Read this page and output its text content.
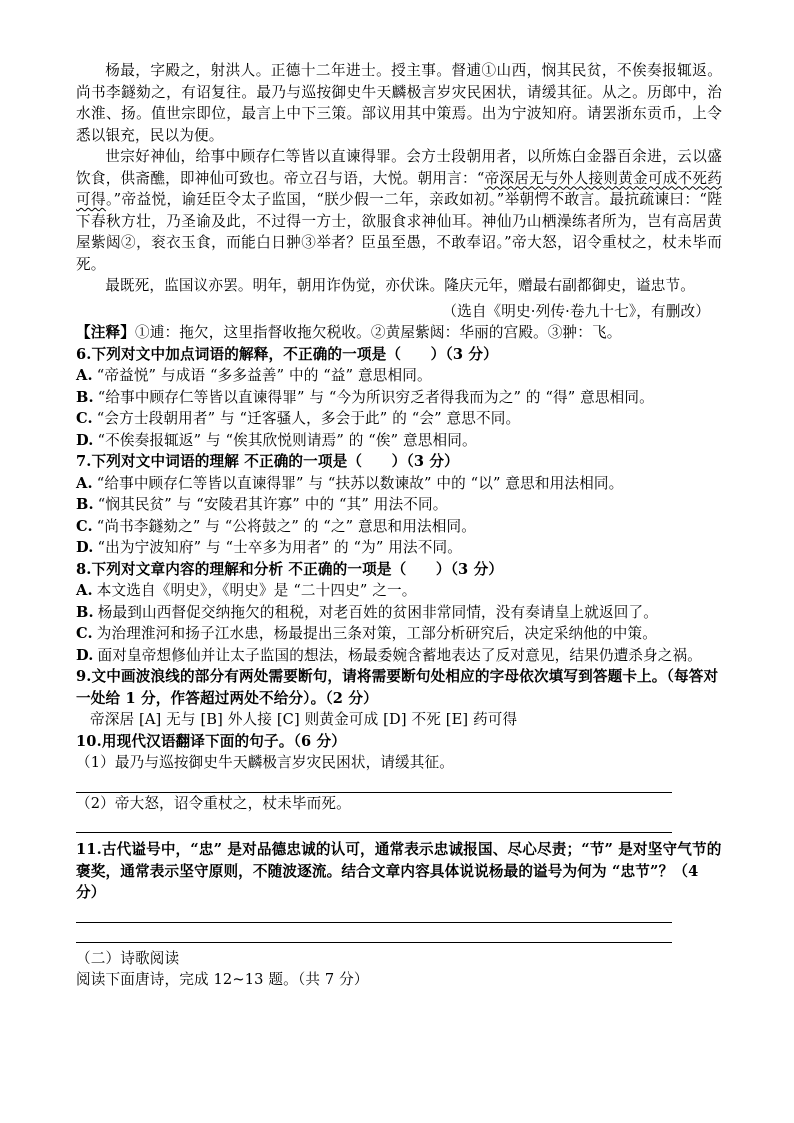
杨最，字殿之，射洪人。正德十二年进士。授主事。督逋①山西，悯其民贫，不俟奏报辄返。尚书李鐩劾之，有诏复往。最乃与巡按御史牛天麟极言岁灾民困状，请缓其征。从之。历郎中，治水淮、扬。值世宗即位，最言上中下三策。部议用其中策焉。出为宁波知府。请罢浙东贡币，上令悉以银充，民以为便。

世宗好神仙，给事中顾存仁等皆以直谏得罪。会方士段朝用者，以所炼白金器百余进，云以盛饮食，供斋醮，即神仙可致也。帝立召与语，大悦。朝用言：“帝深居无与外人接则黄金可成不死药可得。”帝益悦，谕廷臣令太子监国，“朕少假一二年，亲政如初。”举朝愕不敢言。最抗疏谏曰：“陛下春秋方壮，乃圣谕及此，不过得一方士，欲服食求神仙耳。神仙乃山栖澡练者所为，岂有高居黄屋紫闼②，衮衣玉食，而能白日翀③举者？臣虽至愚，不敢奉诏。”帝大怒，诏令重杖之，杖未毕而死。

最既死，监国议亦罢。明年，朝用诈伪觉，亦伏诛。隆庆元年，赠最右副都御史，谥忠节。

（选自《明史·列传·卷九十七》，有删改）

【注释】①逋：拖欠，这里指督收拖欠税收。②黄屋紫闼：华丽的宫殿。③翀：飞。

6.下列对文中加点词语的解释，不正确的一项是（　　）（3 分）

A. “帝益悦” 与成语 “多多益善” 中的 “益” 意思相同。

B. “给事中顾存仁等皆以直谏得罪” 与 “今为所识穷乏者得我而为之” 的 “得” 意思相同。

C. “会方士段朝用者” 与 “迁客骚人，多会于此” 的 “会” 意思不同。

D. “不俟奏报辄返” 与 “俟其欣悦则请焉” 的 “俟” 意思相同。

7.下列对文中词语的理解 不正确的一项是（　　）（3 分）

A. “给事中顾存仁等皆以直谏得罪” 与 “扶苏以数谏故” 中的 “以” 意思和用法相同。

B. “悯其民贫” 与 “安陵君其许寡” 中的 “其” 用法不同。

C. “尚书李鐩劾之” 与 “公将鼓之” 的 “之” 意思和用法相同。

D. “出为宁波知府” 与 “士卒多为用者” 的 “为” 用法不同。

8.下列对文章内容的理解和分析 不正确的一项是（　　）（3 分）

A. 本文选自《明史》，《明史》是 “二十四史” 之一。

B. 杨最到山西督促交纳拖欠的租税，对老百姓的贫困非常同情，没有奏请皇上就返回了。

C. 为治理淮河和扬子江水患，杨最提出三条对策，工部分析研究后，决定采纳他的中策。

D. 面对皇帝想修仙并让太子监国的想法，杨最委婉含蓄地表达了反对意见，结果仍遭杀身之祸。

9.文中画波浪线的部分有两处需要断句，请将需要断句处相应的字母依次填写到答题卡上。（每答对一处给 1 分，作答超过两处不给分）。（2 分）

帝深居 [A] 无与 [B] 外人接 [C] 则黄金可成 [D] 不死 [E] 药可得

10.用现代汉语翻译下面的句子。（6 分）

（1）最乃与巡按御史牛天麟极言岁灾民困状，请缓其征。

（2）帝大怒，诏令重杖之，杖未毕而死。

11.古代谥号中，“忠” 是对品德忠诚的认可，通常表示忠诚报国、尽心尽责；“节” 是对坚守气节的褒奖，通常表示坚守原则，不随波逐流。结合文章内容具体说说杨最的谥号为何为 “忠节”？（4 分）

（二）诗歌阅读

阅读下面唐诗，完成 12~13 题。（共 7 分）
